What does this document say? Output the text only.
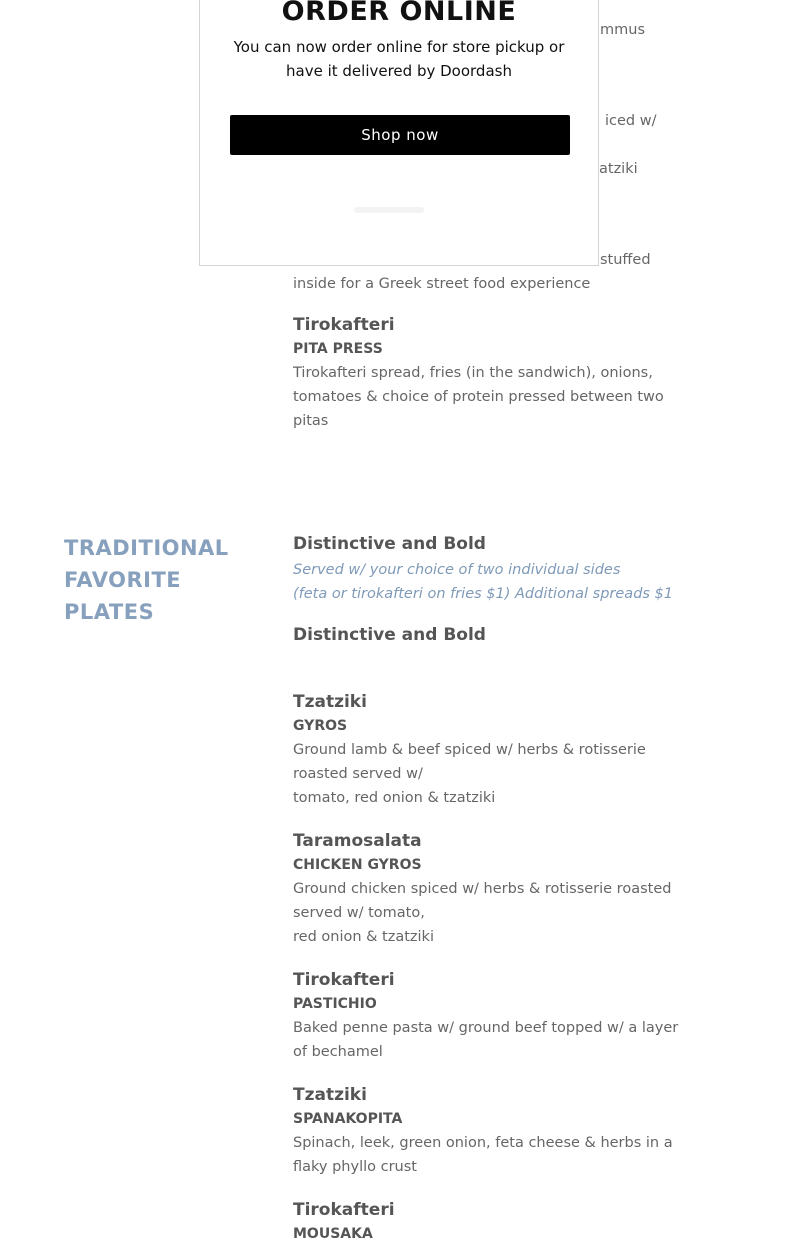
mmus
iced w/
atziki
stuffed

inside for a Greek street food experience

Tirokafteri

PITA PRESS

Tirokafteri spread, fries (in the sandwich), onions, tomatoes & choice of protein pressed between two pitas

TRADITIONAL FAVORITE PLATES

Distinctive and Bold

Served w/ your choice of two individual sides

(feta or tirokafteri on fries $1) Additional spreads $1

Distinctive and Bold

Tzatziki

GYROS

Ground lamb & beef spiced w/ herbs & rotisserie roasted served w/

tomato, red onion & tzatziki

Taramosalata

CHICKEN GYROS

Ground chicken spiced w/ herbs & rotisserie roasted served w/ tomato,

red onion & tzatziki

Tirokafteri

PASTICHIO

Baked penne pasta w/ ground beef topped w/ a layer of bechamel

Tzatziki

SPANAKOPITA

Spinach, leek, green onion, feta cheese & herbs in a flaky phyllo crust

Tirokafteri

MOUSAKA

ORDER ONLINE

You can now order online for store pickup or have it delivered by Doordash

Shop now
